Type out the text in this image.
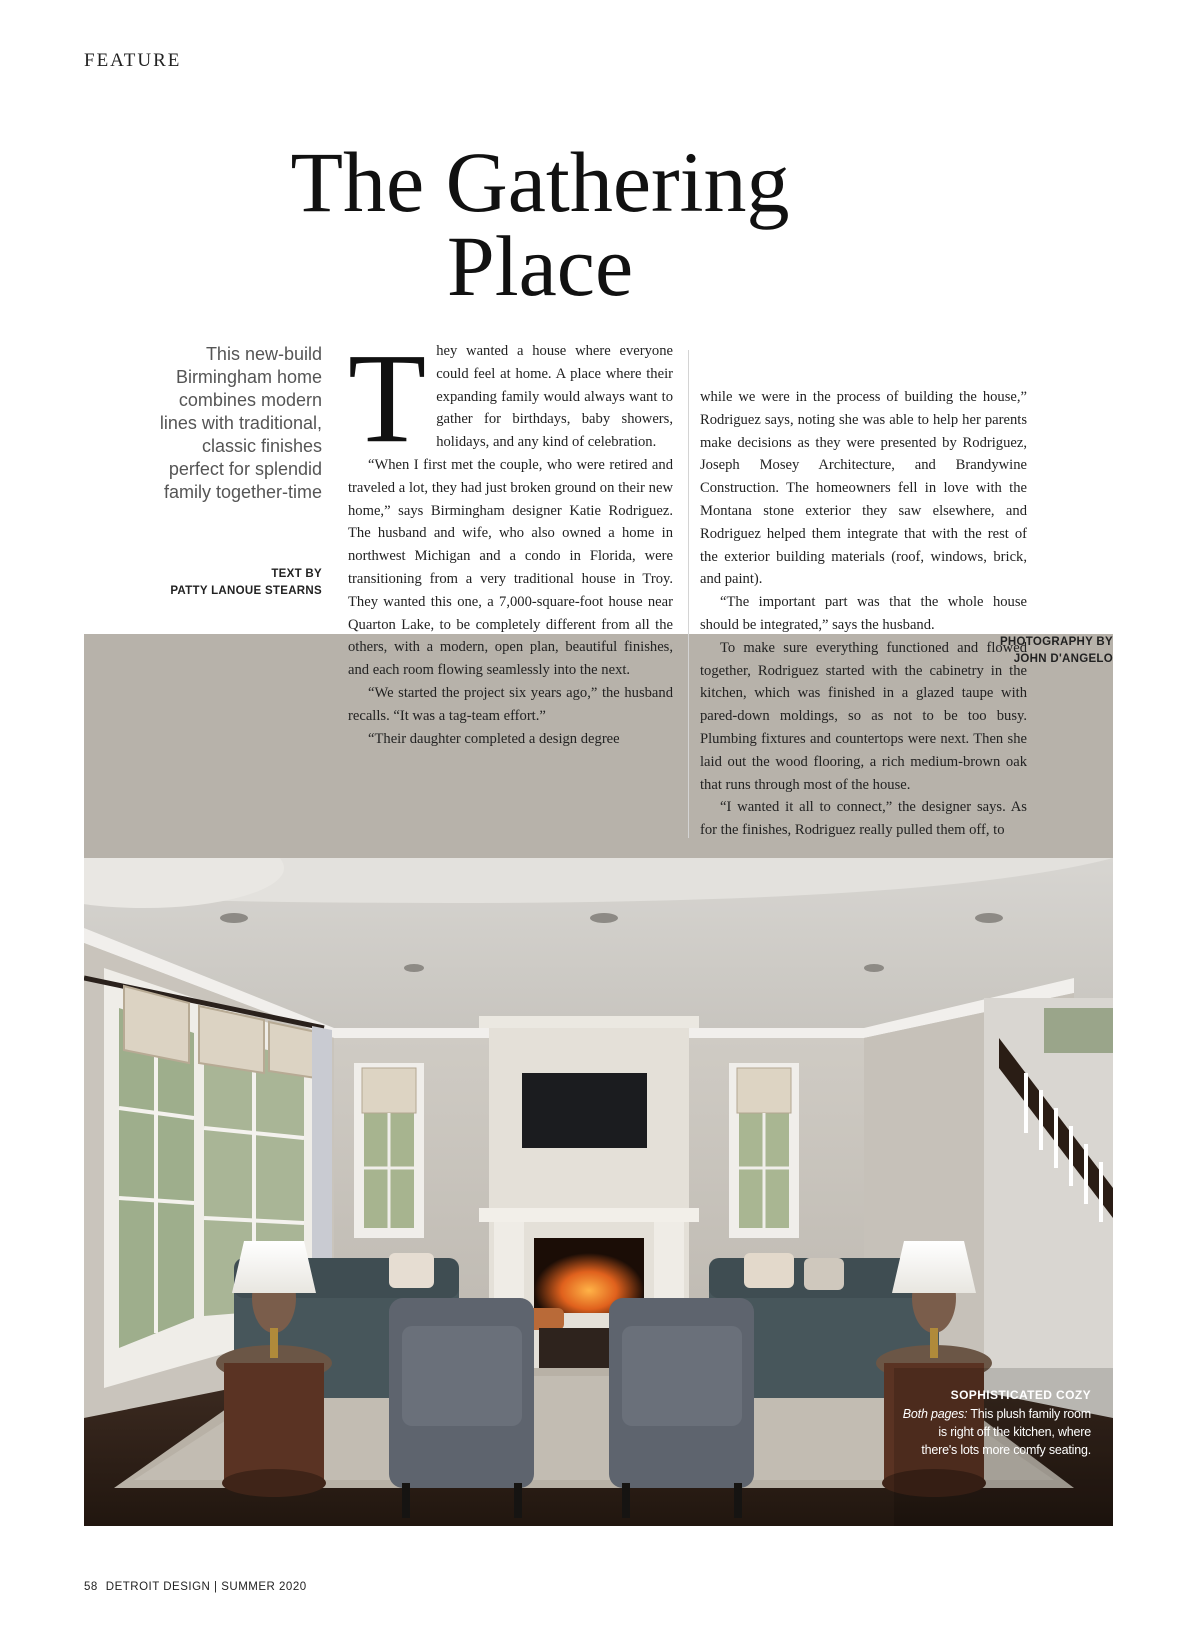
FEATURE
The Gathering
Place
This new-build Birmingham home combines modern lines with traditional, classic finishes perfect for splendid family together-time
TEXT BY
PATTY LANOUE STEARNS
PHOTOGRAPHY BY
JOHN D'ANGELO

They wanted a house where everyone could feel at home. A place where their expanding family would always want to gather for birthdays, baby showers, holidays, and any kind of celebration.

“When I first met the couple, who were retired and traveled a lot, they had just broken ground on their new home,” says Birmingham designer Katie Rodriguez. The husband and wife, who also owned a home in northwest Michigan and a condo in Florida, were transitioning from a very traditional house in Troy. They wanted this one, a 7,000-square-foot house near Quarton Lake, to be completely different from all the others, with a modern, open plan, beautiful finishes, and each room flowing seamlessly into the next.

“We started the project six years ago,” the husband recalls. “It was a tag-team effort.”

“Their daughter completed a design degree

while we were in the process of building the house,” Rodriguez says, noting she was able to help her parents make decisions as they were presented by Rodriguez, Joseph Mosey Architecture, and Brandywine Construction. The homeowners fell in love with the Montana stone exterior they saw elsewhere, and Rodriguez helped them integrate that with the rest of the exterior building materials (roof, windows, brick, and paint).

“The important part was that the whole house should be integrated,” says the husband.

To make sure everything functioned and flowed together, Rodriguez started with the cabinetry in the kitchen, which was finished in a glazed taupe with pared-down moldings, so as not to be too busy. Plumbing fixtures and countertops were next. Then she laid out the wood flooring, a rich medium-brown oak that runs through most of the house.

“I wanted it all to connect,” the designer says. As for the finishes, Rodriguez really pulled them off, to

SOPHISTICATED COZY
Both pages: This plush family room is right off the kitchen, where there's lots more comfy seating.
58 DETROIT DESIGN | SUMMER 2020
